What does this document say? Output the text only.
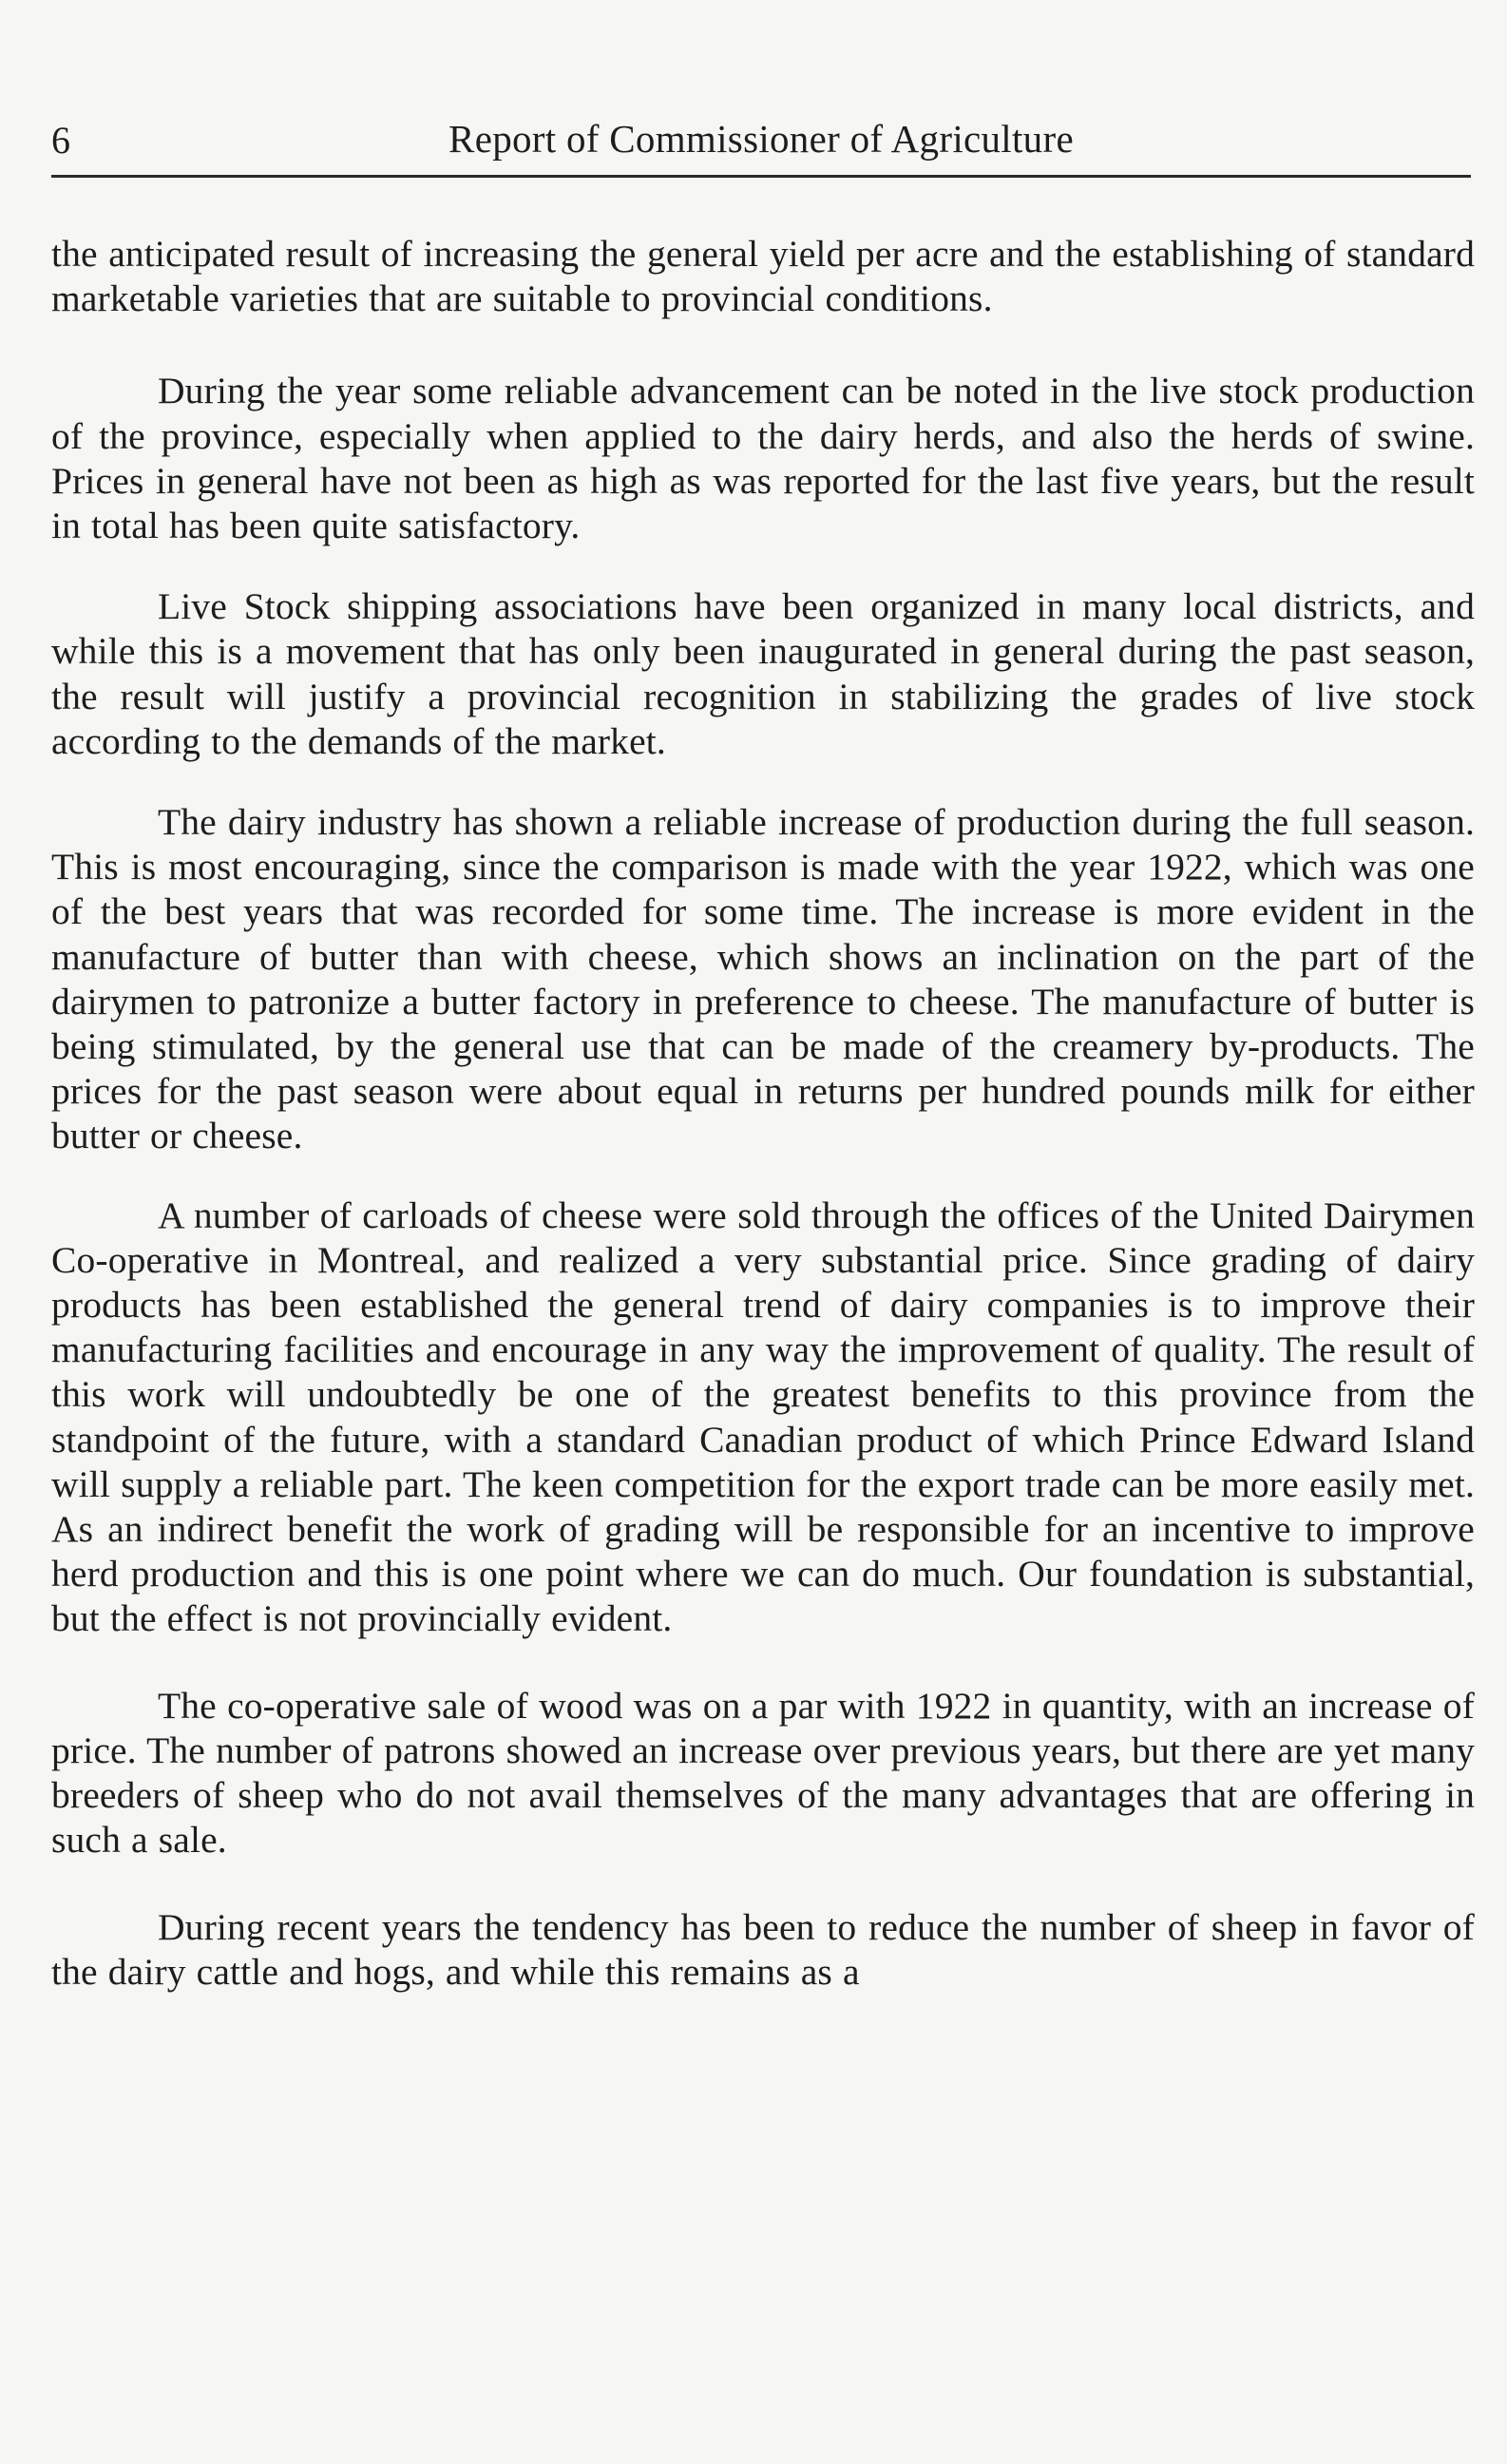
6	Report of Commissioner of Agriculture

the anticipated result of increasing the general yield per acre and the establishing of standard marketable varieties that are suitable to provincial conditions.

During the year some reliable advancement can be noted in the live stock production of the province, especially when applied to the dairy herds, and also the herds of swine. Prices in general have not been as high as was reported for the last five years, but the result in total has been quite satisfactory.

Live Stock shipping associations have been organized in many local districts, and while this is a movement that has only been inaugurated in general during the past season, the result will justify a provincial recognition in stabilizing the grades of live stock according to the demands of the market.

The dairy industry has shown a reliable increase of production during the full season. This is most encouraging, since the comparison is made with the year 1922, which was one of the best years that was recorded for some time. The increase is more evident in the manufacture of butter than with cheese, which shows an inclination on the part of the dairymen to patronize a butter factory in preference to cheese. The manufacture of butter is being stimulated, by the general use that can be made of the creamery by-products. The prices for the past season were about equal in returns per hundred pounds milk for either butter or cheese.

A number of carloads of cheese were sold through the offices of the United Dairymen Co-operative in Montreal, and realized a very substantial price. Since grading of dairy products has been established the general trend of dairy companies is to improve their manufacturing facilities and encourage in any way the improvement of quality. The result of this work will undoubtedly be one of the greatest benefits to this province from the standpoint of the future, with a standard Canadian product of which Prince Edward Island will supply a reliable part. The keen competition for the export trade can be more easily met. As an indirect benefit the work of grading will be responsible for an incentive to improve herd production and this is one point where we can do much. Our foundation is substantial, but the effect is not provincially evident.

The co-operative sale of wood was on a par with 1922 in quantity, with an increase of price. The number of patrons showed an increase over previous years, but there are yet many breeders of sheep who do not avail themselves of the many advantages that are offering in such a sale.

During recent years the tendency has been to reduce the number of sheep in favor of the dairy cattle and hogs, and while this remains as a
